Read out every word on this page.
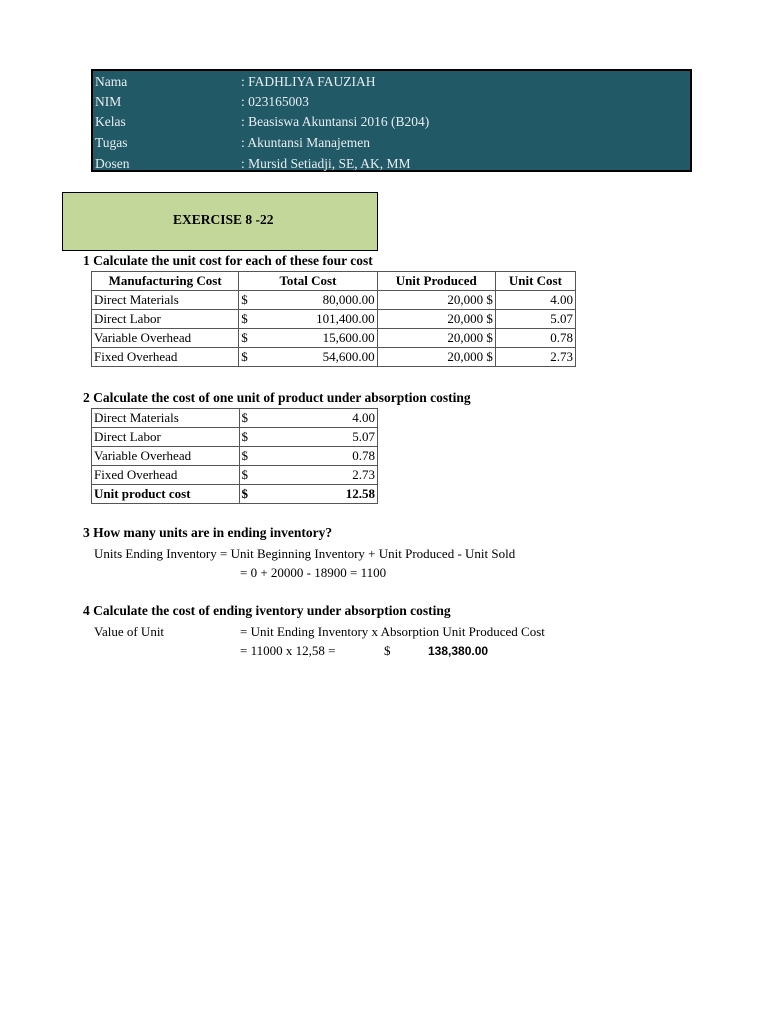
Nama	: FADHLIYA FAUZIAH
NIM	: 023165003
Kelas	: Beasiswa Akuntansi 2016 (B204)
Tugas	: Akuntansi Manajemen
Dosen	: Mursid Setiadji, SE, AK, MM
EXERCISE 8 -22
1 Calculate the unit cost for each of these four cost
Manufacturing Cost	Total Cost	Unit Produced	Unit Cost
Direct Materials	$ 80,000.00	20,000 $	4.00
Direct Labor	$ 101,400.00	20,000 $	5.07
Variable Overhead	$ 15,600.00	20,000 $	0.78
Fixed Overhead	$ 54,600.00	20,000 $	2.73
2 Calculate the cost of one unit of product under absorption costing
Direct Materials	$ 4.00
Direct Labor	$ 5.07
Variable Overhead	$ 0.78
Fixed Overhead	$ 2.73
Unit product cost	$ 12.58
3 How many units are in ending inventory?
Units Ending Inventory = Unit Beginning Inventory + Unit Produced - Unit Sold
= 0 + 20000 - 18900 = 1100
4 Calculate the cost of ending iventory under absorption costing
Value of Unit	= Unit Ending Inventory x Absorption Unit Produced Cost
= 11000 x 12,58 =	$	138,380.00
